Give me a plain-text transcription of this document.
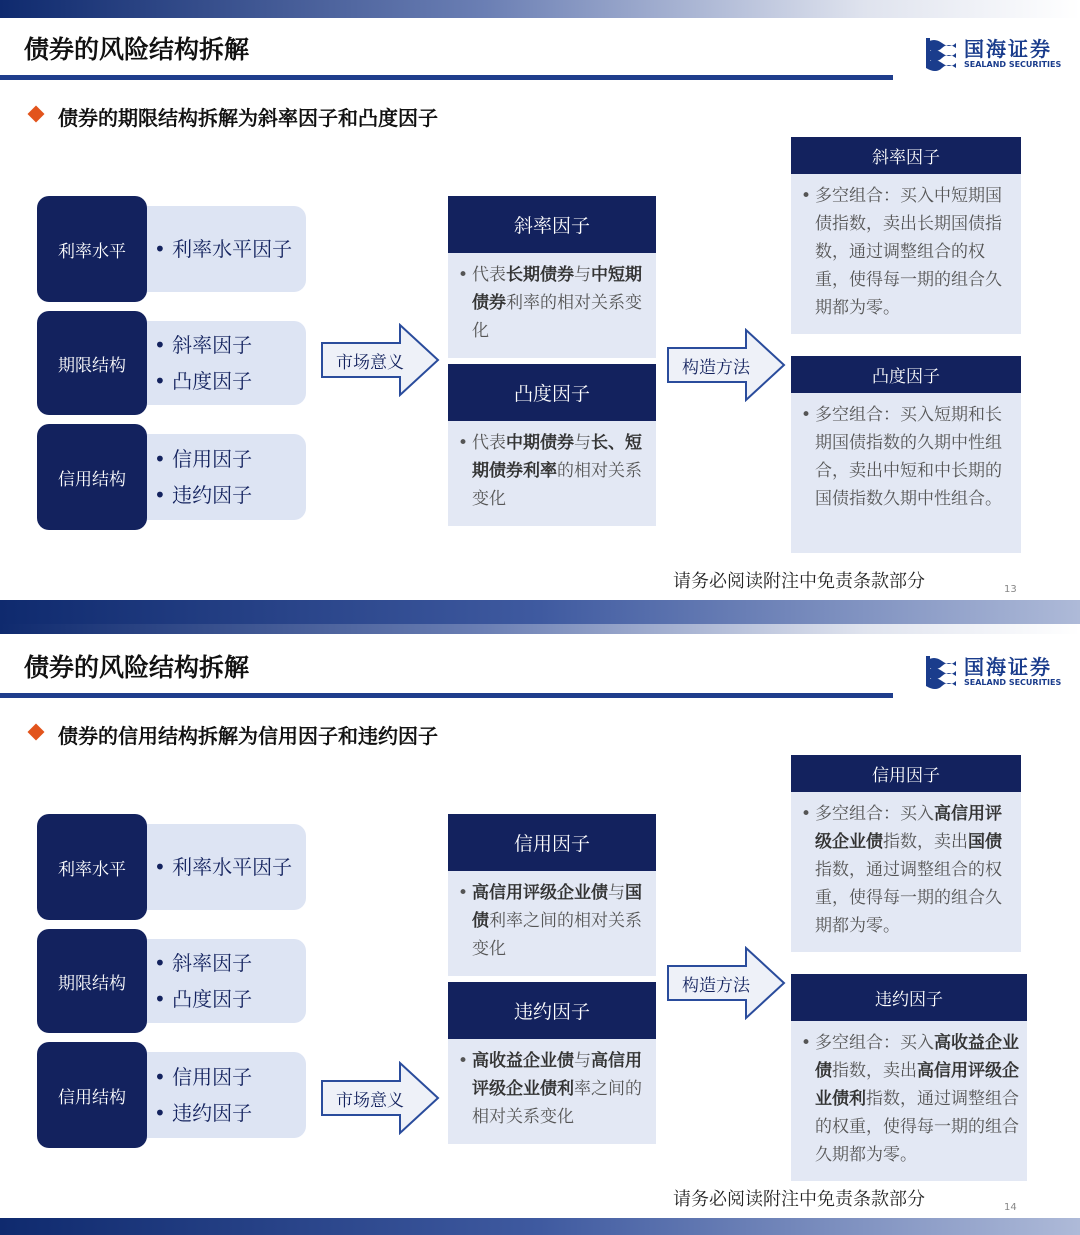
债券的风险结构拆解	国海证券
SEALAND SECURITIES
债券的期限结构拆解为斜率因子和凸度因子
• 利率水平因子
利率水平
• 斜率因子
• 凸度因子
期限结构
• 信用因子
• 违约因子
信用结构
市场意义
斜率因子
• 代表长期债券与中短期债券利率的相对关系变化
凸度因子
• 代表中期债券与长、短期债券利率的相对关系变化
构造方法
斜率因子
• 多空组合：买入中短期国债指数，卖出长期国债指数，通过调整组合的权重，使得每一期的组合久期都为零。
凸度因子
• 多空组合：买入短期和长期国债指数的久期中性组合，卖出中短和中长期的国债指数久期中性组合。
请务必阅读附注中免责条款部分	13
债券的风险结构拆解	国海证券
SEALAND SECURITIES
债券的信用结构拆解为信用因子和违约因子
• 利率水平因子
利率水平
• 斜率因子
• 凸度因子
期限结构
• 信用因子
• 违约因子
信用结构	市场意义
信用因子
• 高信用评级企业债与国债利率之间的相对关系变化
违约因子
• 高收益企业债与高信用评级企业债利率之间的相对关系变化
构造方法
信用因子
• 多空组合：买入高信用评级企业债指数，卖出国债指数，通过调整组合的权重，使得每一期的组合久期都为零。
违约因子
• 多空组合：买入高收益企业债指数，卖出高信用评级企业债利指数，通过调整组合的权重，使得每一期的组合久期都为零。
请务必阅读附注中免责条款部分	14
